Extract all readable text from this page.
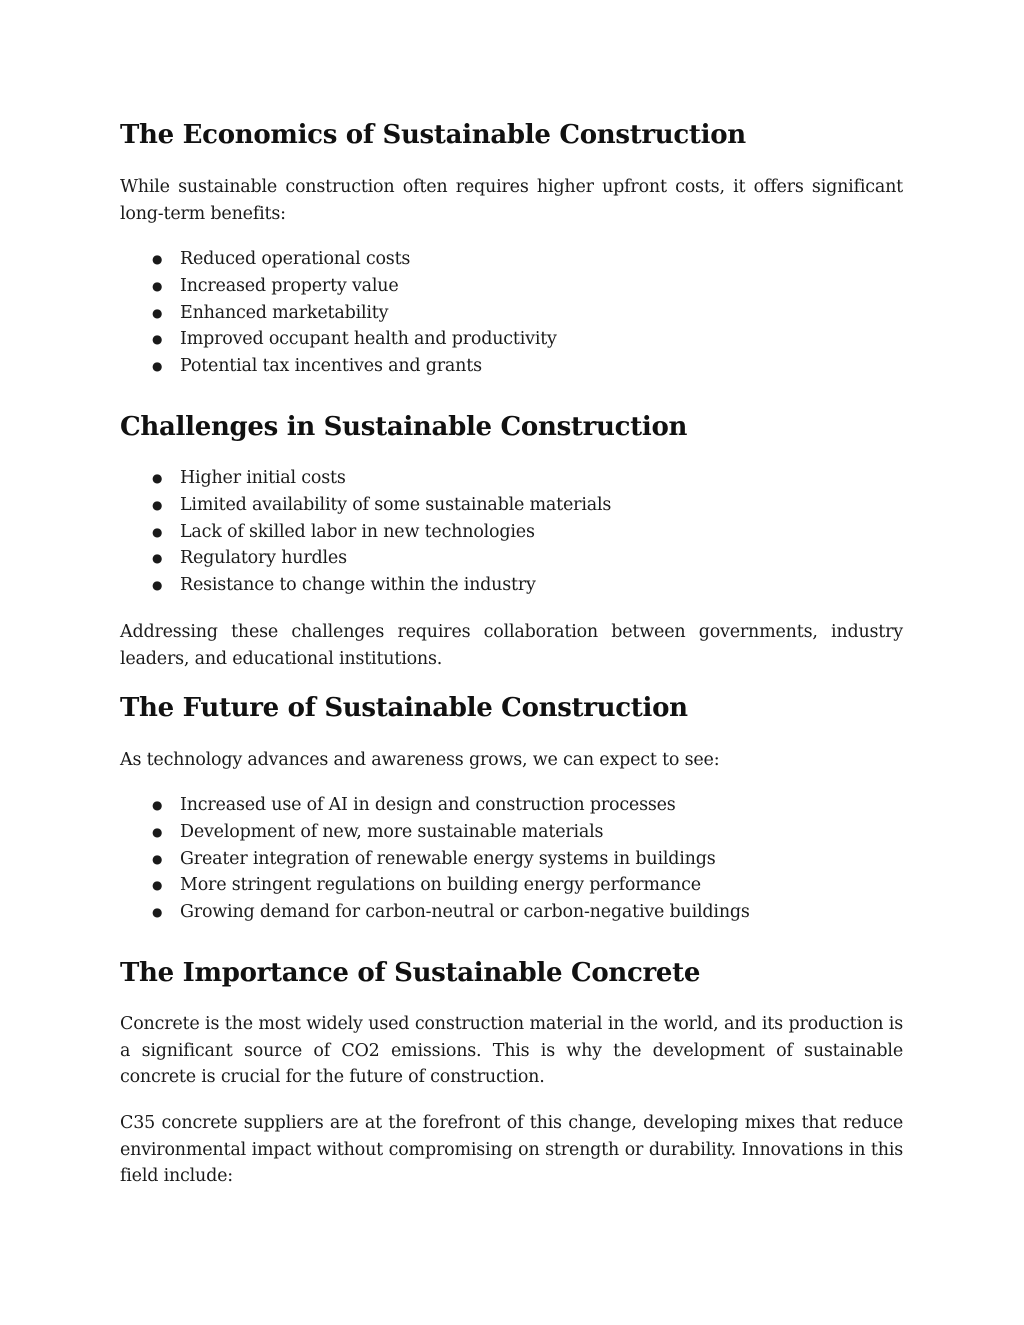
The Economics of Sustainable Construction

While sustainable construction often requires higher upfront costs, it offers significant long-term benefits:

● Reduced operational costs
● Increased property value
● Enhanced marketability
● Improved occupant health and productivity
● Potential tax incentives and grants
Challenges in Sustainable Construction
● Higher initial costs
● Limited availability of some sustainable materials
● Lack of skilled labor in new technologies
● Regulatory hurdles
● Resistance to change within the industry

Addressing these challenges requires collaboration between governments, industry leaders, and educational institutions.

The Future of Sustainable Construction

As technology advances and awareness grows, we can expect to see:

● Increased use of AI in design and construction processes
● Development of new, more sustainable materials
● Greater integration of renewable energy systems in buildings
● More stringent regulations on building energy performance
● Growing demand for carbon-neutral or carbon-negative buildings
The Importance of Sustainable Concrete

Concrete is the most widely used construction material in the world, and its production is a significant source of CO2 emissions. This is why the development of sustainable concrete is crucial for the future of construction.

C35 concrete suppliers are at the forefront of this change, developing mixes that reduce environmental impact without compromising on strength or durability. Innovations in this field include:
